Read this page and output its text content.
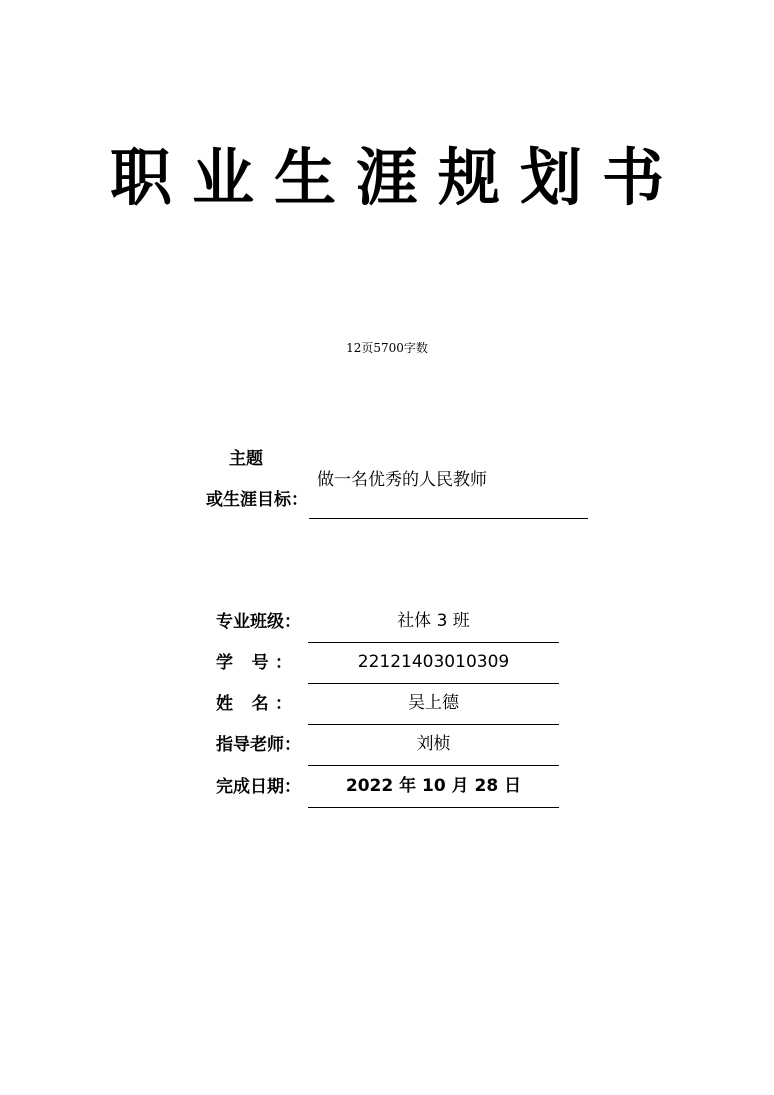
职业生涯规划书
12页5700字数
主题
或生涯目标：
做一名优秀的人民教师
专业班级：	社体 3 班
学 号：	22121403010309
姓 名：	吴上德
指导老师：	刘桢
完成日期：	2022 年 10 月 28 日
